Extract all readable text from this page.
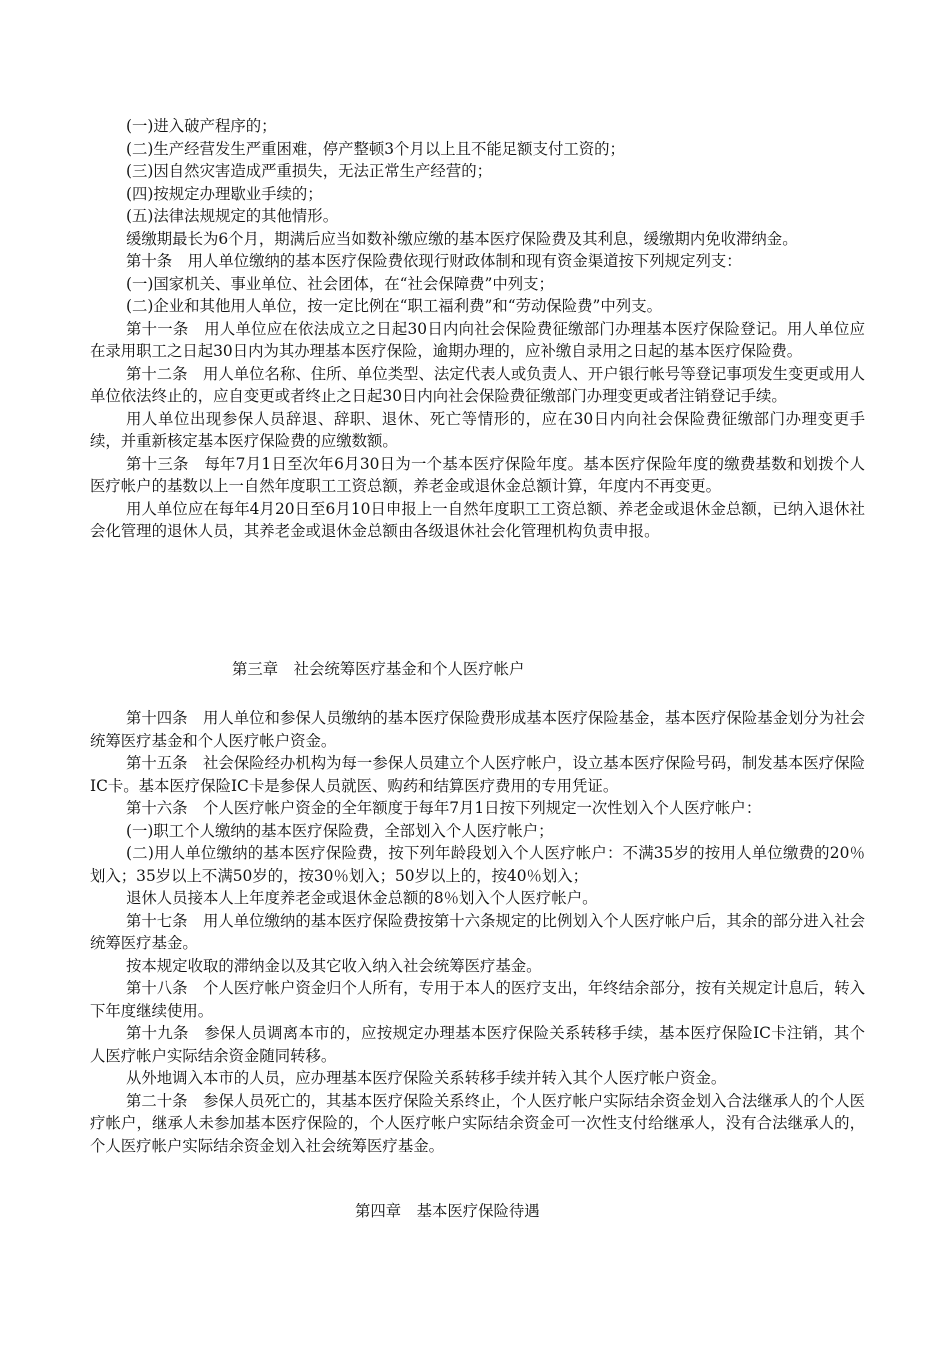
(一)进入破产程序的；

(二)生产经营发生严重困难，停产整顿3个月以上且不能足额支付工资的；

(三)因自然灾害造成严重损失，无法正常生产经营的；

(四)按规定办理歇业手续的；

(五)法律法规规定的其他情形。

缓缴期最长为6个月，期满后应当如数补缴应缴的基本医疗保险费及其利息，缓缴期内免收滞纳金。

第十条　用人单位缴纳的基本医疗保险费依现行财政体制和现有资金渠道按下列规定列支：

(一)国家机关、事业单位、社会团体，在“社会保障费”中列支；

(二)企业和其他用人单位，按一定比例在“职工福利费”和“劳动保险费”中列支。

第十一条　用人单位应在依法成立之日起30日内向社会保险费征缴部门办理基本医疗保险登记。用人单位应在录用职工之日起30日内为其办理基本医疗保险，逾期办理的，应补缴自录用之日起的基本医疗保险费。

第十二条　用人单位名称、住所、单位类型、法定代表人或负责人、开户银行帐号等登记事项发生变更或用人单位依法终止的，应自变更或者终止之日起30日内向社会保险费征缴部门办理变更或者注销登记手续。

用人单位出现参保人员辞退、辞职、退休、死亡等情形的，应在30日内向社会保险费征缴部门办理变更手续，并重新核定基本医疗保险费的应缴数额。

第十三条　每年7月1日至次年6月30日为一个基本医疗保险年度。基本医疗保险年度的缴费基数和划拨个人医疗帐户的基数以上一自然年度职工工资总额，养老金或退休金总额计算，年度内不再变更。

用人单位应在每年4月20日至6月10日申报上一自然年度职工工资总额、养老金或退休金总额，已纳入退休社会化管理的退休人员，其养老金或退休金总额由各级退休社会化管理机构负责申报。

第三章　社会统筹医疗基金和个人医疗帐户

第十四条　用人单位和参保人员缴纳的基本医疗保险费形成基本医疗保险基金，基本医疗保险基金划分为社会统筹医疗基金和个人医疗帐户资金。

第十五条　社会保险经办机构为每一参保人员建立个人医疗帐户，设立基本医疗保险号码，制发基本医疗保险IC卡。基本医疗保险IC卡是参保人员就医、购药和结算医疗费用的专用凭证。

第十六条　个人医疗帐户资金的全年额度于每年7月1日按下列规定一次性划入个人医疗帐户：

(一)职工个人缴纳的基本医疗保险费，全部划入个人医疗帐户；

(二)用人单位缴纳的基本医疗保险费，按下列年龄段划入个人医疗帐户：不满35岁的按用人单位缴费的20％划入；35岁以上不满50岁的，按30％划入；50岁以上的，按40％划入；

退休人员接本人上年度养老金或退休金总额的8％划入个人医疗帐户。

第十七条　用人单位缴纳的基本医疗保险费按第十六条规定的比例划入个人医疗帐户后，其余的部分进入社会统筹医疗基金。

按本规定收取的滞纳金以及其它收入纳入社会统筹医疗基金。

第十八条　个人医疗帐户资金归个人所有，专用于本人的医疗支出，年终结余部分，按有关规定计息后，转入下年度继续使用。

第十九条　参保人员调离本市的，应按规定办理基本医疗保险关系转移手续，基本医疗保险IC卡注销，其个人医疗帐户实际结余资金随同转移。

从外地调入本市的人员，应办理基本医疗保险关系转移手续并转入其个人医疗帐户资金。

第二十条　参保人员死亡的，其基本医疗保险关系终止，个人医疗帐户实际结余资金划入合法继承人的个人医疗帐户，继承人未参加基本医疗保险的，个人医疗帐户实际结余资金可一次性支付给继承人，没有合法继承人的，个人医疗帐户实际结余资金划入社会统筹医疗基金。

第四章　基本医疗保险待遇
